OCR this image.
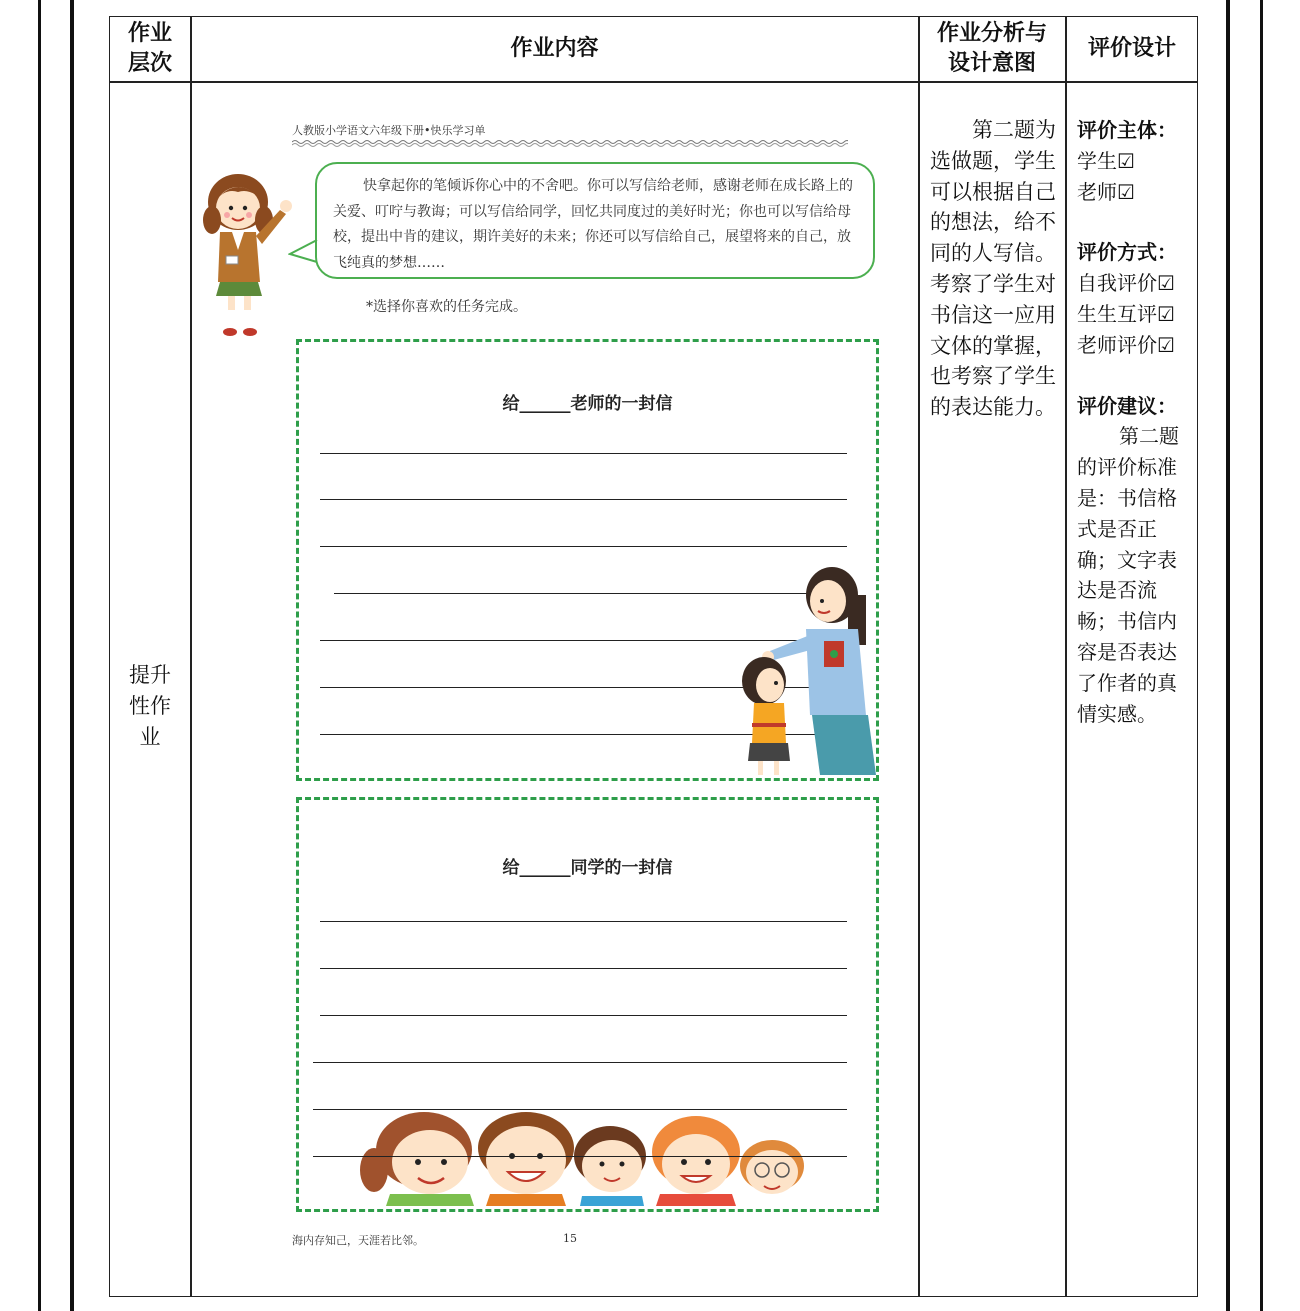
作业层次
作业内容
作业分析与设计意图
评价设计
提升性作业
人教版小学语文六年级下册•快乐学习单
快拿起你的笔倾诉你心中的不舍吧。你可以写信给老师，感谢老师在成长路上的关爱、叮咛与教诲；可以写信给同学，回忆共同度过的美好时光；你也可以写信给母校，提出中肯的建议，期许美好的未来；你还可以写信给自己，展望将来的自己，放飞纯真的梦想……
*选择你喜欢的任务完成。
给______老师的一封信
给______同学的一封信
海内存知己，天涯若比邻。	15
第二题为选做题，学生可以根据自己的想法，给不同的人写信。考察了学生对书信这一应用文体的掌握，也考察了学生的表达能力。
评价主体：
学生☑
老师☑
评价方式：
自我评价☑
生生互评☑
老师评价☑
评价建议：
第二题的评价标准是：书信格式是否正确；文字表达是否流畅；书信内容是否表达了作者的真情实感。
